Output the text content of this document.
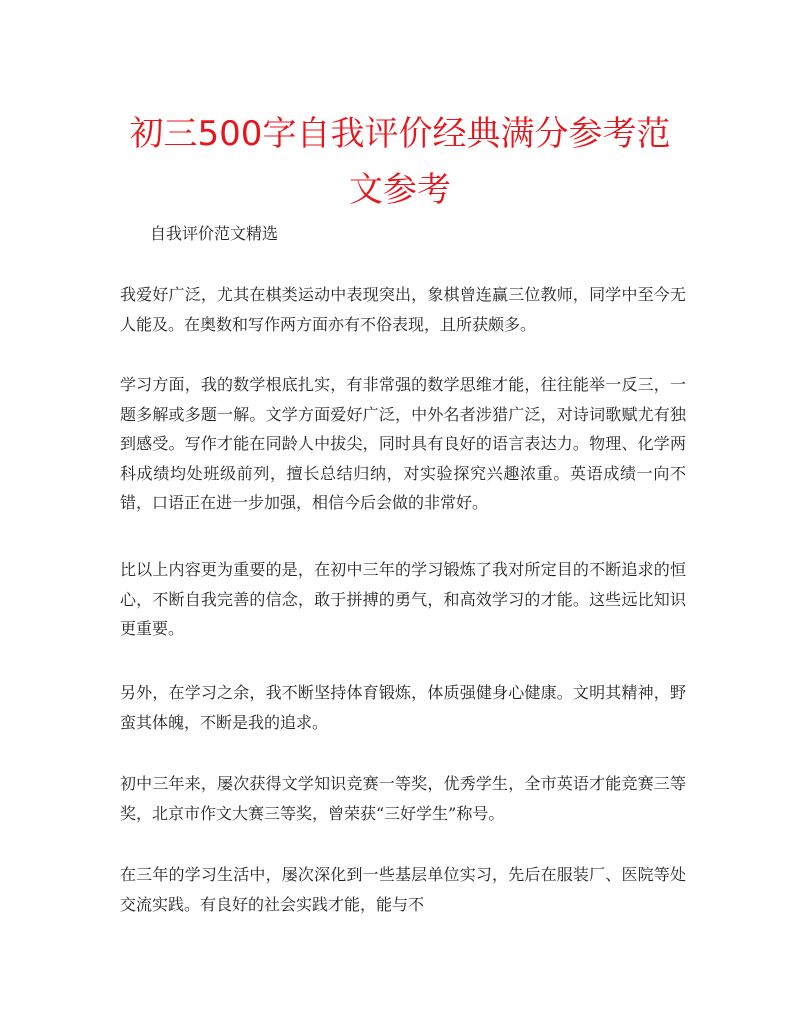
初三500字自我评价经典满分参考范文参考
自我评价范文精选

我爱好广泛，尤其在棋类运动中表现突出，象棋曾连赢三位教师，同学中至今无人能及。在奥数和写作两方面亦有不俗表现，且所获颇多。

学习方面，我的数学根底扎实，有非常强的数学思维才能，往往能举一反三，一题多解或多题一解。文学方面爱好广泛，中外名者涉猎广泛，对诗词歌赋尤有独到感受。写作才能在同龄人中拔尖，同时具有良好的语言表达力。物理、化学两科成绩均处班级前列，擅长总结归纳，对实验探究兴趣浓重。英语成绩一向不错，口语正在进一步加强，相信今后会做的非常好。

比以上内容更为重要的是，在初中三年的学习锻炼了我对所定目的不断追求的恒心，不断自我完善的信念，敢于拼搏的勇气，和高效学习的才能。这些远比知识更重要。

另外，在学习之余，我不断坚持体育锻炼，体质强健身心健康。文明其精神，野蛮其体魄，不断是我的追求。

初中三年来，屡次获得文学知识竞赛一等奖，优秀学生，全市英语才能竞赛三等奖，北京市作文大赛三等奖，曾荣获“三好学生”称号。

在三年的学习生活中，屡次深化到一些基层单位实习，先后在服装厂、医院等处交流实践。有良好的社会实践才能，能与不
